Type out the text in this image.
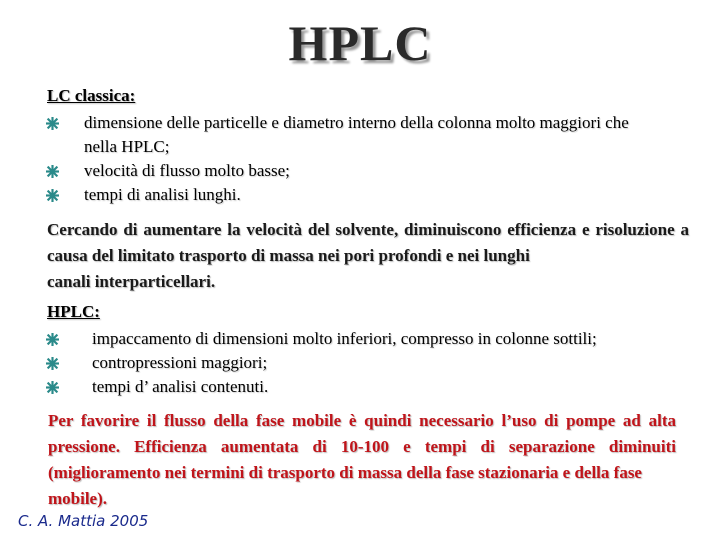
HPLC
LC classica:
dimensione delle particelle e diametro interno della colonna molto maggiori che
nella HPLC;
velocità di flusso molto basse;
tempi di analisi lunghi.
Cercando di aumentare la velocità del solvente, diminuiscono efficienza e risoluzione a causa del limitato trasporto di massa nei pori profondi e nei lunghi
canali interparticellari.
HPLC:
impaccamento di dimensioni molto inferiori, compresso in colonne sottili;
contropressioni maggiori;
tempi d’ analisi contenuti.
Per favorire il flusso della fase mobile è quindi necessario l’uso di pompe ad alta pressione. Efficienza aumentata di 10-100 e tempi di separazione diminuiti (miglioramento nei termini di trasporto di massa della fase stazionaria e della fase
mobile).
C. A. Mattia 2005
